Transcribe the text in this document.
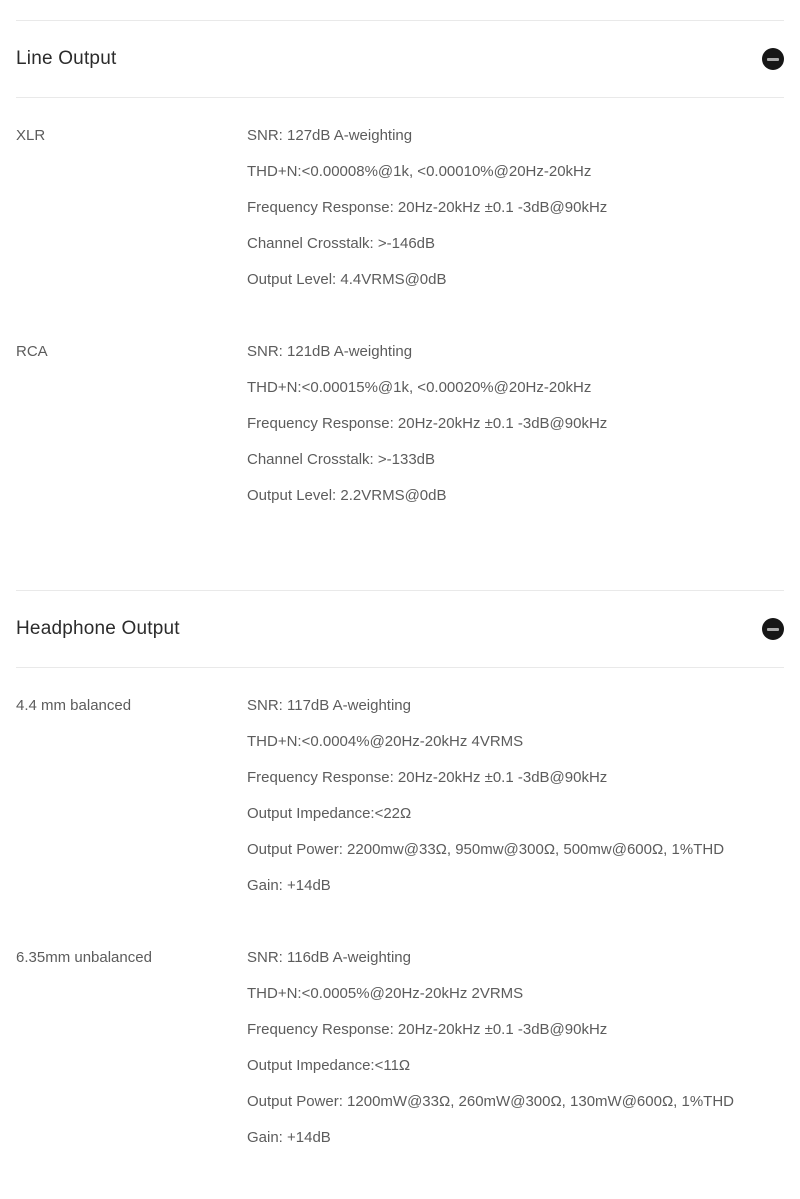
Line Output
XLR	SNR: 127dB A-weighting
THD+N:<0.00008%@1k, <0.00010%@20Hz-20kHz
Frequency Response: 20Hz-20kHz ±0.1 -3dB@90kHz
Channel Crosstalk: >-146dB
Output Level: 4.4VRMS@0dB
RCA	SNR: 121dB A-weighting
THD+N:<0.00015%@1k, <0.00020%@20Hz-20kHz
Frequency Response: 20Hz-20kHz ±0.1 -3dB@90kHz
Channel Crosstalk: >-133dB
Output Level: 2.2VRMS@0dB
Headphone Output
4.4 mm balanced	SNR: 117dB A-weighting
THD+N:<0.0004%@20Hz-20kHz 4VRMS
Frequency Response: 20Hz-20kHz ±0.1 -3dB@90kHz
Output Impedance:<22Ω
Output Power: 2200mw@33Ω, 950mw@300Ω, 500mw@600Ω, 1%THD
Gain: +14dB
6.35mm unbalanced	SNR: 116dB A-weighting
THD+N:<0.0005%@20Hz-20kHz 2VRMS
Frequency Response: 20Hz-20kHz ±0.1 -3dB@90kHz
Output Impedance:<11Ω
Output Power: 1200mW@33Ω, 260mW@300Ω, 130mW@600Ω, 1%THD
Gain: +14dB
